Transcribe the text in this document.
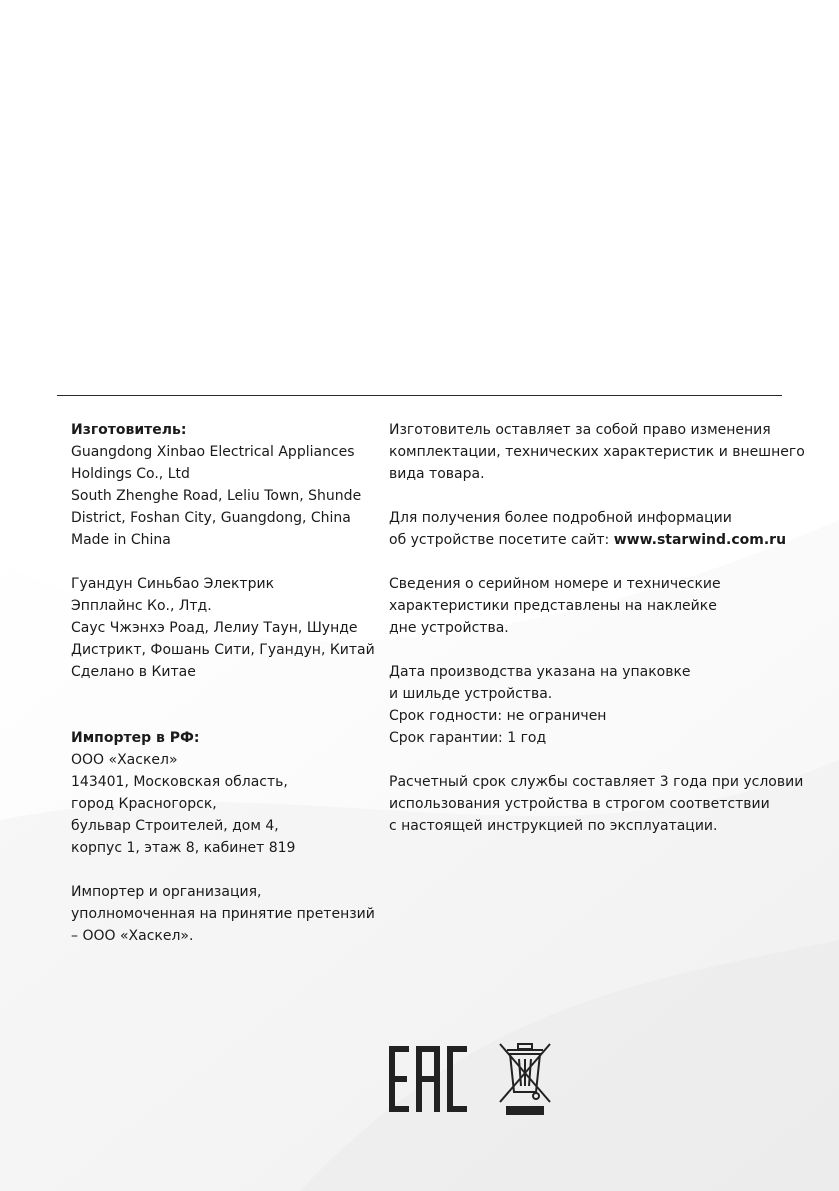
Изготовитель:
Guangdong Xinbao Electrical Appliances
Holdings Co., Ltd
South Zhenghe Road, Leliu Town, Shunde
District, Foshan City, Guangdong, China
Made in China
Гуандун Синьбао Электрик
Эпплайнс Ко., Лтд.
Саус Чжэнхэ Роад, Лелиу Таун, Шунде
Дистрикт, Фошань Сити, Гуандун, Китай
Сделано в Китае
Импортер в РФ:
ООО «Хаскел»
143401, Московская область,
город Красногорск,
бульвар Строителей, дом 4,
корпус 1, этаж 8, кабинет 819
Импортер и организация,
уполномоченная на принятие претензий
– ООО «Хаскел».
Изготовитель оставляет за собой право изменения
комплектации, технических характеристик и внешнего
вида товара.
Для получения более подробной информации
об устройстве посетите сайт: www.starwind.com.ru
Сведения о серийном номере и технические
характеристики представлены на наклейке
дне устройства.
Дата производства указана на упаковке
и шильде устройства.
Срок годности: не ограничен
Срок гарантии: 1 год
Расчетный срок службы составляет 3 года при условии
использования устройства в строгом соответствии
с настоящей инструкцией по эксплуатации.
